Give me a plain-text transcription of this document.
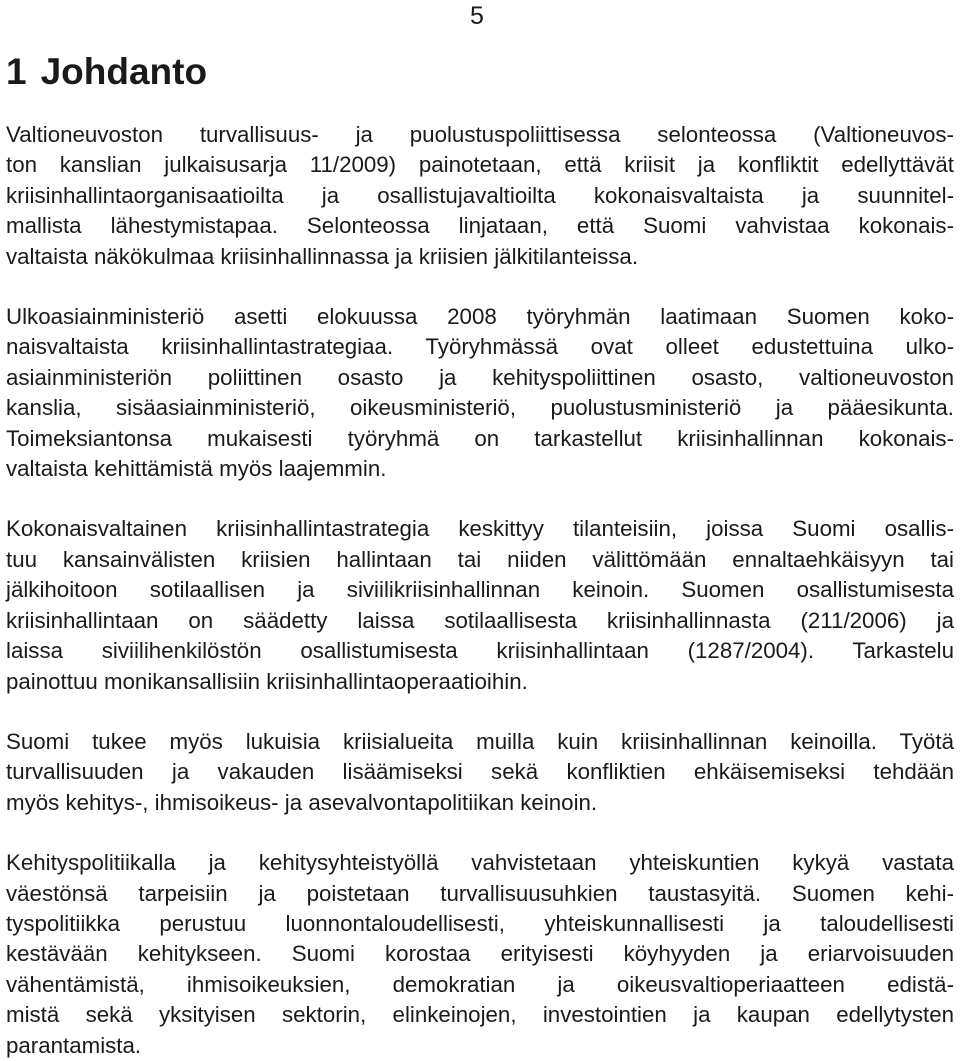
5
1 Johdanto

Valtioneuvoston turvallisuus- ja puolustuspoliittisessa selonteossa (Valtioneuvos-
ton kanslian julkaisusarja 11/2009) painotetaan, että kriisit ja konfliktit edellyttävät
kriisinhallintaorganisaatioilta ja osallistujavaltioilta kokonaisvaltaista ja suunnitel-
mallista lähestymistapaa. Selonteossa linjataan, että Suomi vahvistaa kokonais-
valtaista näkökulmaa kriisinhallinnassa ja kriisien jälkitilanteissa.

Ulkoasiainministeriö asetti elokuussa 2008 työryhmän laatimaan Suomen koko-
naisvaltaista kriisinhallintastrategiaa. Työryhmässä ovat olleet edustettuina ulko-
asiainministeriön poliittinen osasto ja kehityspoliittinen osasto, valtioneuvoston
kanslia, sisäasiainministeriö, oikeusministeriö, puolustusministeriö ja pääesikunta.
Toimeksiantonsa mukaisesti työryhmä on tarkastellut kriisinhallinnan kokonais-
valtaista kehittämistä myös laajemmin.

Kokonaisvaltainen kriisinhallintastrategia keskittyy tilanteisiin, joissa Suomi osallis-
tuu kansainvälisten kriisien hallintaan tai niiden välittömään ennaltaehkäisyyn tai
jälkihoitoon sotilaallisen ja siviilikriisinhallinnan keinoin. Suomen osallistumisesta
kriisinhallintaan on säädetty laissa sotilaallisesta kriisinhallinnasta (211/2006) ja
laissa siviilihenkilöstön osallistumisesta kriisinhallintaan (1287/2004). Tarkastelu
painottuu monikansallisiin kriisinhallintaoperaatioihin.

Suomi tukee myös lukuisia kriisialueita muilla kuin kriisinhallinnan keinoilla. Työtä
turvallisuuden ja vakauden lisäämiseksi sekä konfliktien ehkäisemiseksi tehdään
myös kehitys-, ihmisoikeus- ja asevalvontapolitiikan keinoin.

Kehityspolitiikalla ja kehitysyhteistyöllä vahvistetaan yhteiskuntien kykyä vastata
väestönsä tarpeisiin ja poistetaan turvallisuusuhkien taustasyitä. Suomen kehi-
tyspolitiikka perustuu luonnontaloudellisesti, yhteiskunnallisesti ja taloudellisesti
kestävään kehitykseen. Suomi korostaa erityisesti köyhyyden ja eriarvoisuuden
vähentämistä, ihmisoikeuksien, demokratian ja oikeusvaltioperiaatteen edistä-
mistä sekä yksityisen sektorin, elinkeinojen, investointien ja kaupan edellytysten
parantamista.
